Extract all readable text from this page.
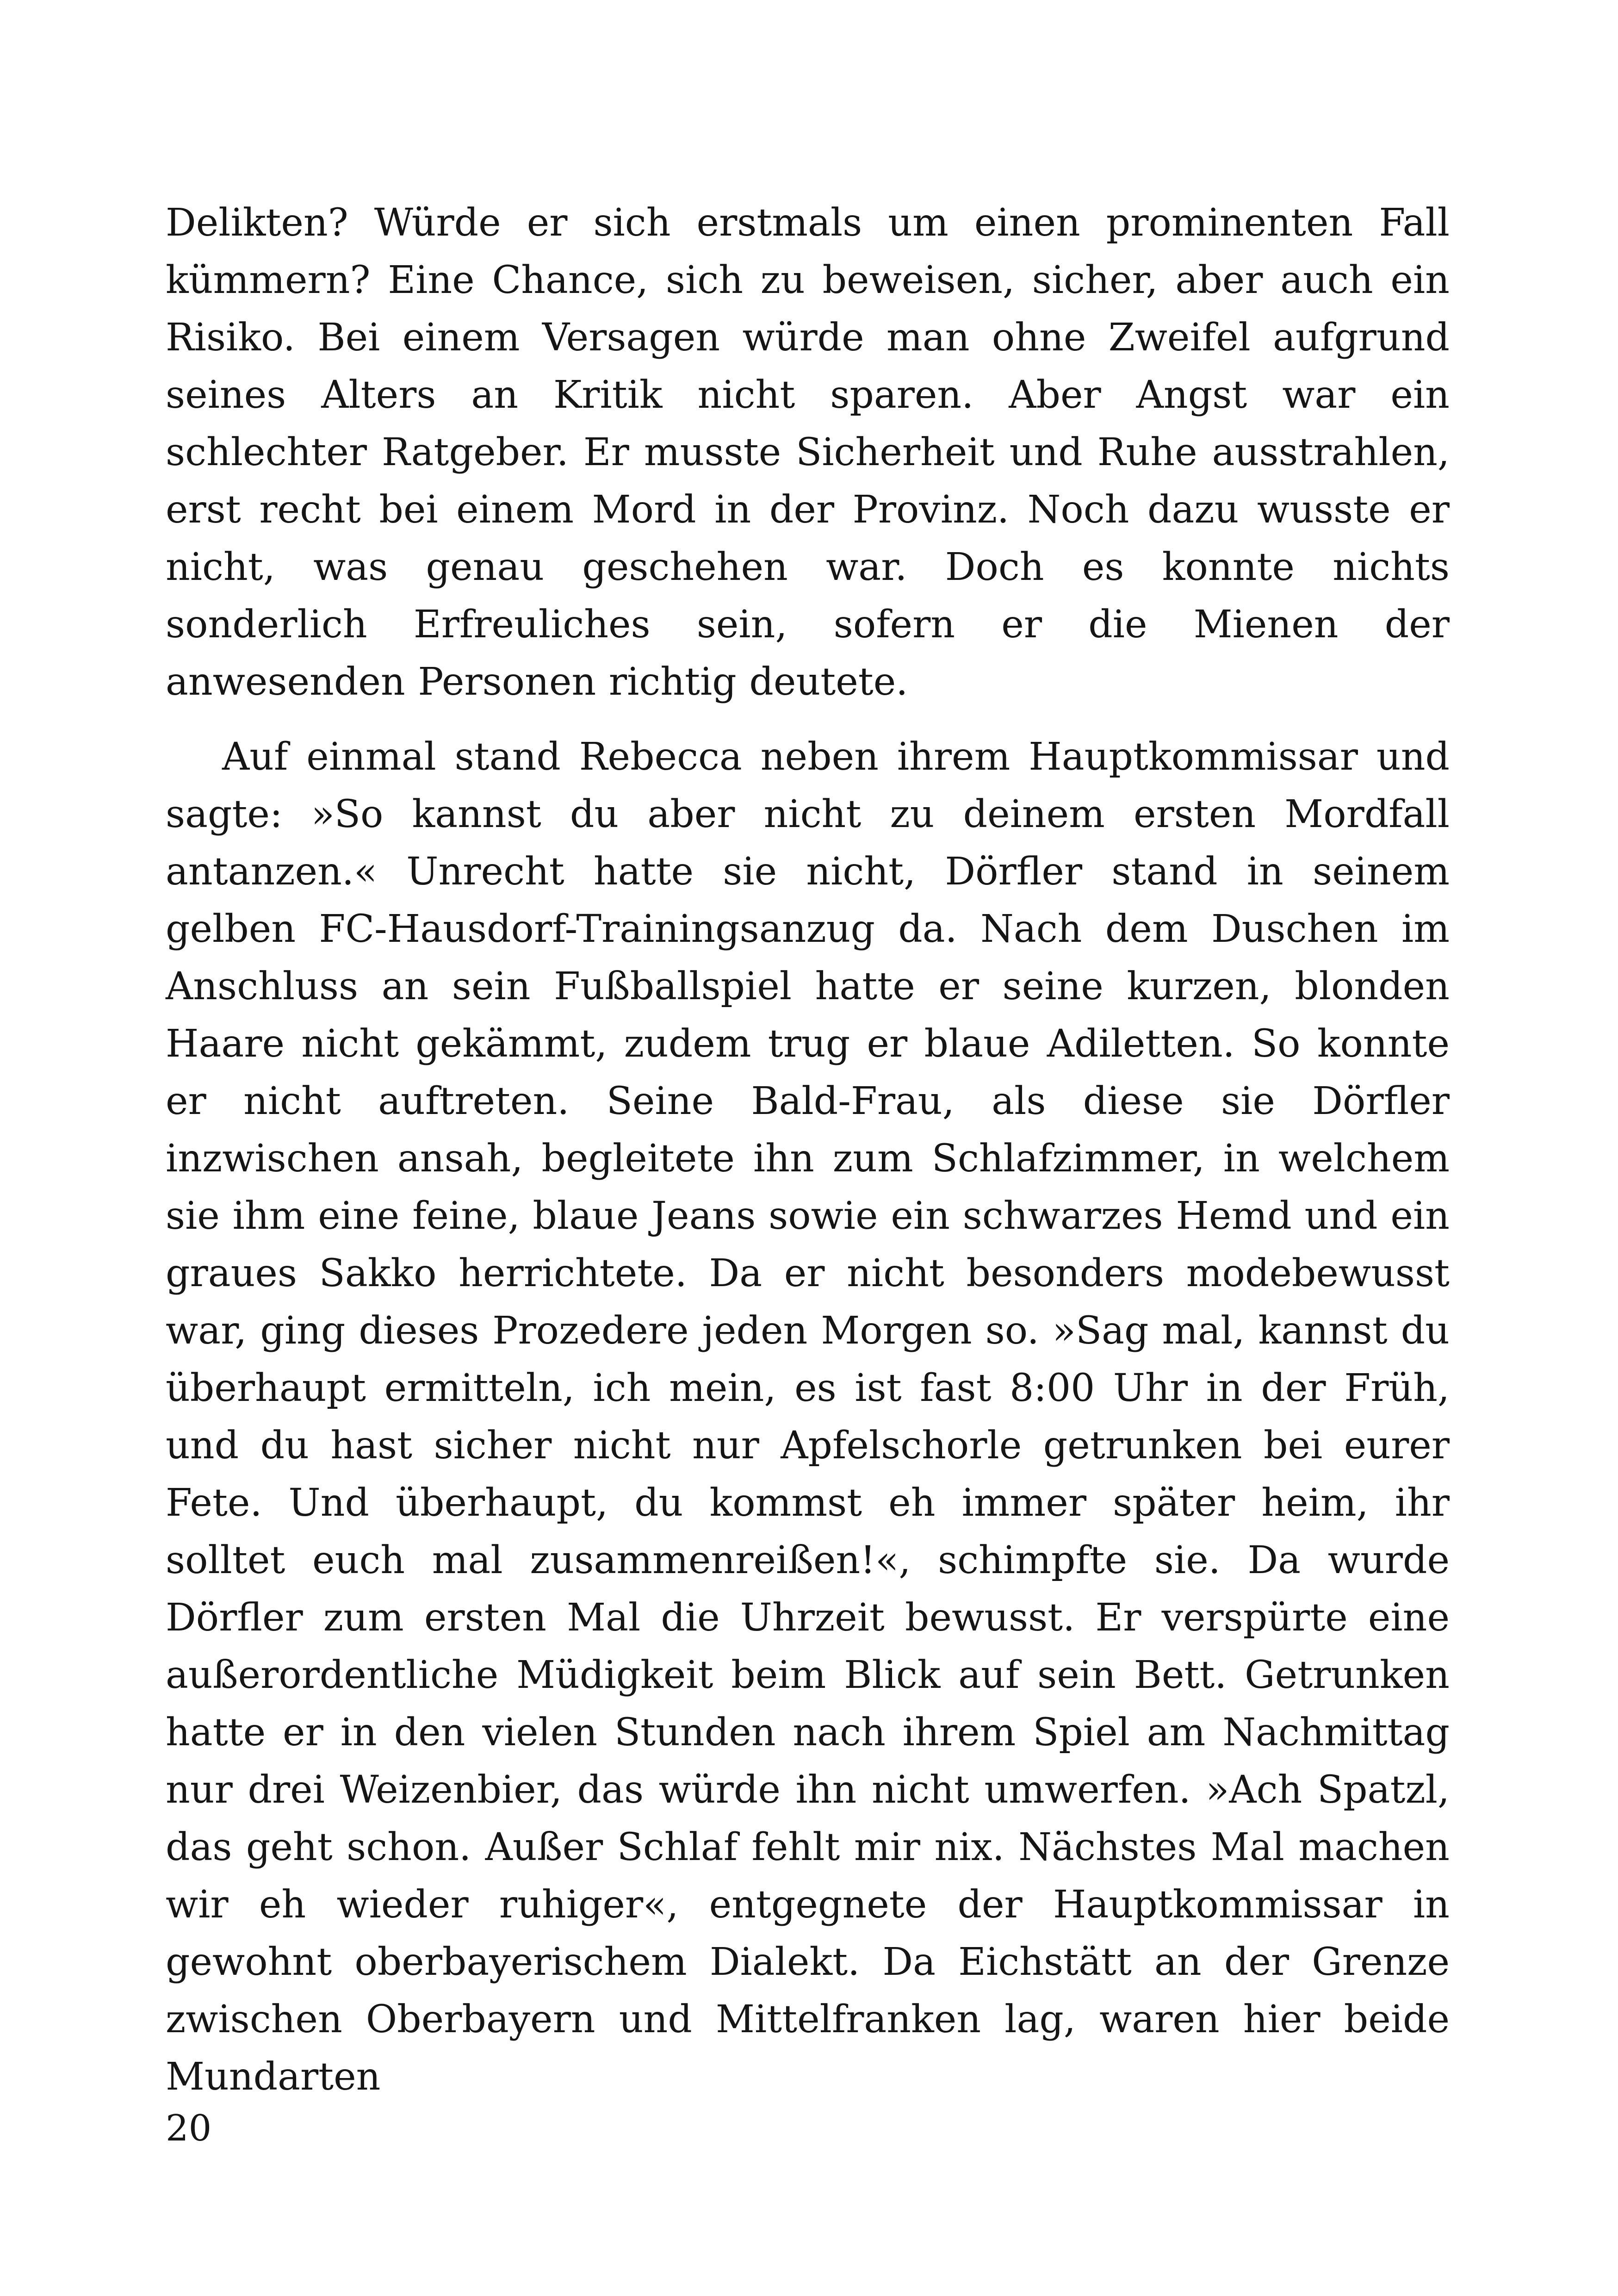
Delikten? Würde er sich erstmals um einen prominenten Fall kümmern? Eine Chance, sich zu beweisen, sicher, aber auch ein Risiko. Bei einem Versagen würde man ohne Zweifel aufgrund seines Alters an Kritik nicht sparen. Aber Angst war ein schlechter Ratgeber. Er musste Sicherheit und Ruhe ausstrahlen, erst recht bei einem Mord in der Provinz. Noch dazu wusste er nicht, was genau geschehen war. Doch es konnte nichts sonderlich Erfreuliches sein, sofern er die Mienen der anwesenden Personen richtig deutete.

Auf einmal stand Rebecca neben ihrem Hauptkommissar und sagte: »So kannst du aber nicht zu deinem ersten Mordfall antanzen.« Unrecht hatte sie nicht, Dörfler stand in seinem gelben FC-Hausdorf-Trainingsanzug da. Nach dem Duschen im Anschluss an sein Fußballspiel hatte er seine kurzen, blonden Haare nicht gekämmt, zudem trug er blaue Adiletten. So konnte er nicht auftreten. Seine Bald-Frau, als diese sie Dörfler inzwischen ansah, begleitete ihn zum Schlafzimmer, in welchem sie ihm eine feine, blaue Jeans sowie ein schwarzes Hemd und ein graues Sakko herrichtete. Da er nicht besonders modebewusst war, ging dieses Prozedere jeden Morgen so. »Sag mal, kannst du überhaupt ermitteln, ich mein, es ist fast 8:00 Uhr in der Früh, und du hast sicher nicht nur Apfelschorle getrunken bei eurer Fete. Und überhaupt, du kommst eh immer später heim, ihr solltet euch mal zusammenreißen!«, schimpfte sie. Da wurde Dörfler zum ersten Mal die Uhrzeit bewusst. Er verspürte eine außerordentliche Müdigkeit beim Blick auf sein Bett. Getrunken hatte er in den vielen Stunden nach ihrem Spiel am Nachmittag nur drei Weizenbier, das würde ihn nicht umwerfen. »Ach Spatzl, das geht schon. Außer Schlaf fehlt mir nix. Nächstes Mal machen wir eh wieder ruhiger«, entgegnete der Hauptkommissar in gewohnt oberbayerischem Dialekt. Da Eichstätt an der Grenze zwischen Oberbayern und Mittelfranken lag, waren hier beide Mundarten

20
